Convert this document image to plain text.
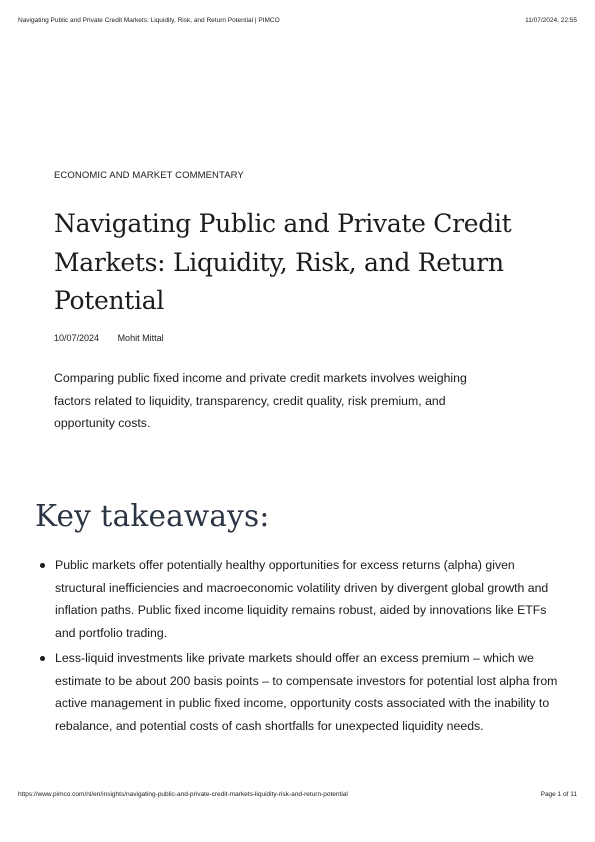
Navigating Public and Private Credit Markets: Liquidity, Risk, and Return Potential | PIMCO	11/07/2024, 22:55
ECONOMIC AND MARKET COMMENTARY
Navigating Public and Private Credit Markets: Liquidity, Risk, and Return Potential
10/07/2024 Mohit Mittal

Comparing public fixed income and private credit markets involves weighing factors related to liquidity, transparency, credit quality, risk premium, and opportunity costs.

Key takeaways:
Public markets offer potentially healthy opportunities for excess returns (alpha) given structural inefficiencies and macroeconomic volatility driven by divergent global growth and inflation paths. Public fixed income liquidity remains robust, aided by innovations like ETFs and portfolio trading.
Less-liquid investments like private markets should offer an excess premium – which we estimate to be about 200 basis points – to compensate investors for potential lost alpha from active management in public fixed income, opportunity costs associated with the inability to rebalance, and potential costs of cash shortfalls for unexpected liquidity needs.
https://www.pimco.com/nl/en/insights/navigating-public-and-private-credit-markets-liquidity-risk-and-return-potential	Page 1 of 11
